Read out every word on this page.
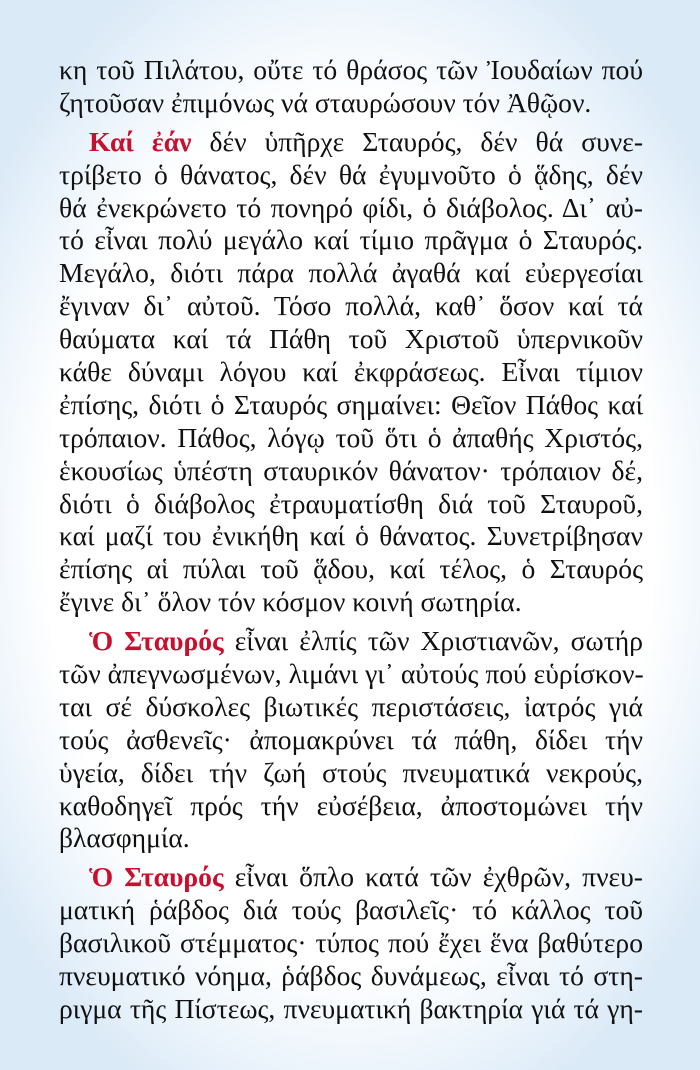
κη τοῦ Πιλάτου, οὔτε τό θράσος τῶν Ἰουδαίων πού
ζητοῦσαν ἐπιμόνως νά σταυρώσουν τόν Ἀθῷον.
Καί ἐάν δέν ὑπῆρχε Σταυρός, δέν θά συνε-
τρίβετο ὁ θάνατος, δέν θά ἐγυμνοῦτο ὁ ᾅδης, δέν
θά ἐνεκρώνετο τό πονηρό φίδι, ὁ διάβολος. Δι᾽ αὐ-
τό εἶναι πολύ μεγάλο καί τίμιο πρᾶγμα ὁ Σταυρός.
Μεγάλο, διότι πάρα πολλά ἀγαθά καί εὐεργεσίαι
ἔγιναν δι᾽ αὐτοῦ. Τόσο πολλά, καθ᾽ ὅσον καί τά
θαύματα καί τά Πάθη τοῦ Χριστοῦ ὑπερνικοῦν
κάθε δύναμι λόγου καί ἐκφράσεως. Εἶναι τίμιον
ἐπίσης, διότι ὁ Σταυρός σημαίνει: Θεῖον Πάθος καί
τρόπαιον. Πάθος, λόγῳ τοῦ ὅτι ὁ ἀπαθής Χριστός,
ἑκουσίως ὑπέστη σταυρικόν θάνατον· τρόπαιον δέ,
διότι ὁ διάβολος ἐτραυματίσθη διά τοῦ Σταυροῦ,
καί μαζί του ἐνικήθη καί ὁ θάνατος. Συνετρίβησαν
ἐπίσης αἱ πύλαι τοῦ ᾅδου, καί τέλος, ὁ Σταυρός
ἔγινε δι᾽ ὅλον τόν κόσμον κοινή σωτηρία.
Ὁ Σταυρός εἶναι ἐλπίς τῶν Χριστιανῶν, σωτήρ
τῶν ἀπεγνωσμένων, λιμάνι γι᾽ αὐτούς πού εὑρίσκον-
ται σέ δύσκολες βιωτικές περιστάσεις, ἰατρός γιά
τούς ἀσθενεῖς· ἀπομακρύνει τά πάθη, δίδει τήν
ὑγεία, δίδει τήν ζωή στούς πνευματικά νεκρούς,
καθοδηγεῖ πρός τήν εὐσέβεια, ἀποστομώνει τήν
βλασφημία.
Ὁ Σταυρός εἶναι ὅπλο κατά τῶν ἐχθρῶν, πνευ-
ματική ῥάβδος διά τούς βασιλεῖς· τό κάλλος τοῦ
βασιλικοῦ στέμματος· τύπος πού ἔχει ἕνα βαθύτερο
πνευματικό νόημα, ῥάβδος δυνάμεως, εἶναι τό στη-
ριγμα τῆς Πίστεως, πνευματική βακτηρία γιά τά γη-
